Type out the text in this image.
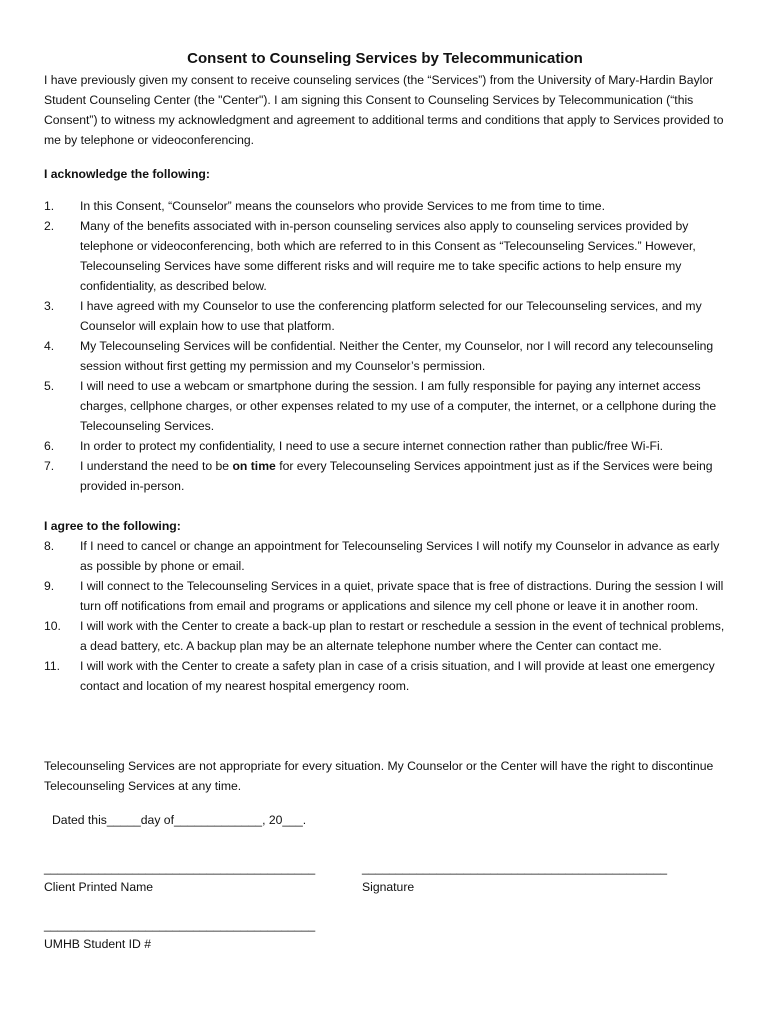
Consent to Counseling Services by Telecommunication
I have previously given my consent to receive counseling services (the “Services”) from the University of Mary-Hardin Baylor Student Counseling Center (the "Center"). I am signing this Consent to Counseling Services by Telecommunication (“this Consent”) to witness my acknowledgment and agreement to additional terms and conditions that apply to Services provided to me by telephone or videoconferencing.
I acknowledge the following:
1. In this Consent, “Counselor” means the counselors who provide Services to me from time to time.
2. Many of the benefits associated with in-person counseling services also apply to counseling services provided by telephone or videoconferencing, both which are referred to in this Consent as “Telecounseling Services.” However, Telecounseling Services have some different risks and will require me to take specific actions to help ensure my confidentiality, as described below.
3. I have agreed with my Counselor to use the conferencing platform selected for our Telecounseling services, and my Counselor will explain how to use that platform.
4. My Telecounseling Services will be confidential. Neither the Center, my Counselor, nor I will record any telecounseling session without first getting my permission and my Counselor’s permission.
5. I will need to use a webcam or smartphone during the session. I am fully responsible for paying any internet access charges, cellphone charges, or other expenses related to my use of a computer, the internet, or a cellphone during the Telecounseling Services.
6. In order to protect my confidentiality, I need to use a secure internet connection rather than public/free Wi-Fi.
7. I understand the need to be on time for every Telecounseling Services appointment just as if the Services were being provided in-person.
I agree to the following:
8. If I need to cancel or change an appointment for Telecounseling Services I will notify my Counselor in advance as early as possible by phone or email.
9. I will connect to the Telecounseling Services in a quiet, private space that is free of distractions. During the session I will turn off notifications from email and programs or applications and silence my cell phone or leave it in another room.
10. I will work with the Center to create a back-up plan to restart or reschedule a session in the event of technical problems, a dead battery, etc. A backup plan may be an alternate telephone number where the Center can contact me.
11. I will work with the Center to create a safety plan in case of a crisis situation, and I will provide at least one emergency contact and location of my nearest hospital emergency room.
Telecounseling Services are not appropriate for every situation. My Counselor or the Center will have the right to discontinue Telecounseling Services at any time.
Dated this_____day of_____________, 20___.
________________________________________
Client Printed Name
_____________________________________________
Signature
________________________________________
UMHB Student ID #
